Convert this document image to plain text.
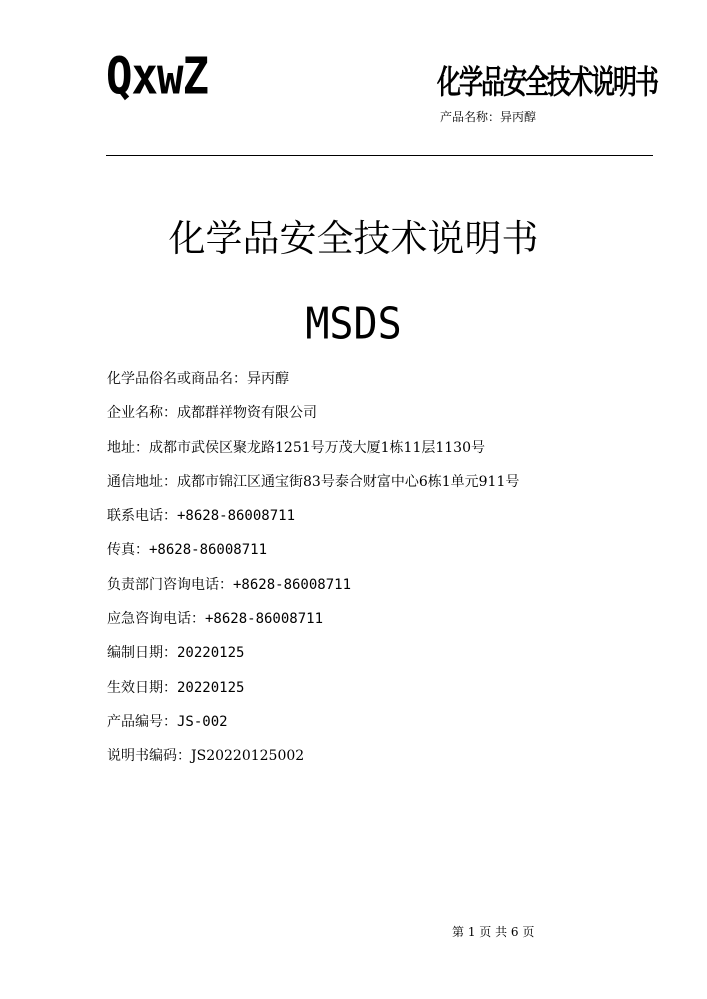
QxwZ	化学品安全技术说明书
产品名称：异丙醇
化学品安全技术说明书
MSDS
化学品俗名或商品名：异丙醇
企业名称：成都群祥物资有限公司
地址：成都市武侯区聚龙路1251号万茂大厦1栋11层1130号
通信地址：成都市锦江区通宝街83号泰合财富中心6栋1单元911号
联系电话：+8628-86008711
传真：+8628-86008711
负责部门咨询电话：+8628-86008711
应急咨询电话：+8628-86008711
编制日期：20220125
生效日期：20220125
产品编号：JS-002
说明书编码：JS20220125002
第 1 页 共 6 页
